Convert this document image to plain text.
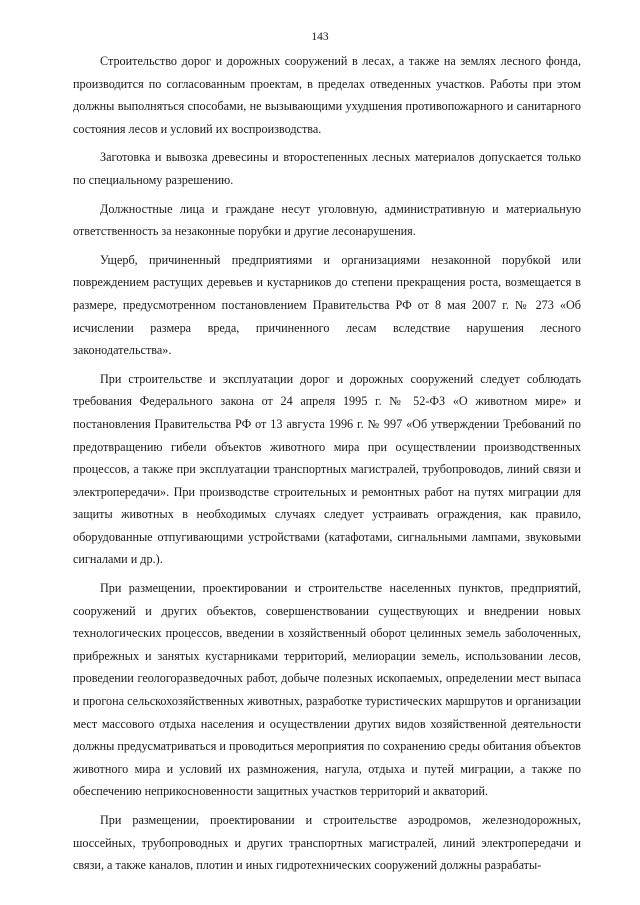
143

Строительство дорог и дорожных сооружений в лесах, а также на землях лесного фонда, производится по согласованным проектам, в пределах отведенных участков. Работы при этом должны выполняться способами, не вызывающими ухудшения противопожарного и санитарного состояния лесов и условий их воспроизводства.

Заготовка и вывозка древесины и второстепенных лесных материалов допускается только по специальному разрешению.

Должностные лица и граждане несут уголовную, административную и материальную ответственность за незаконные порубки и другие лесонарушения.

Ущерб, причиненный предприятиями и организациями незаконной порубкой или повреждением растущих деревьев и кустарников до степени прекращения роста, возмещается в размере, предусмотренном постановлением Правительства РФ от 8 мая 2007 г. № 273 «Об исчислении размера вреда, причиненного лесам вследствие нарушения лесного законодательства».

При строительстве и эксплуатации дорог и дорожных сооружений следует соблюдать требования Федерального закона от 24 апреля 1995 г. № 52-ФЗ «О животном мире» и постановления Правительства РФ от 13 августа 1996 г. № 997 «Об утверждении Требований по предотвращению гибели объектов животного мира при осуществлении производственных процессов, а также при эксплуатации транспортных магистралей, трубопроводов, линий связи и электропередачи». При производстве строительных и ремонтных работ на путях миграции для защиты животных в необходимых случаях следует устраивать ограждения, как правило, оборудованные отпугивающими устройствами (катафотами, сигнальными лампами, звуковыми сигналами и др.).

При размещении, проектировании и строительстве населенных пунктов, предприятий, сооружений и других объектов, совершенствовании существующих и внедрении новых технологических процессов, введении в хозяйственный оборот целинных земель заболоченных, прибрежных и занятых кустарниками территорий, мелиорации земель, использовании лесов, проведении геологоразведочных работ, добыче полезных ископаемых, определении мест выпаса и прогона сельскохозяйственных животных, разработке туристических маршрутов и организации мест массового отдыха населения и осуществлении других видов хозяйственной деятельности должны предусматриваться и проводиться мероприятия по сохранению среды обитания объектов животного мира и условий их размножения, нагула, отдыха и путей миграции, а также по обеспечению неприкосновенности защитных участков территорий и акваторий.

При размещении, проектировании и строительстве аэродромов, железнодорожных, шоссейных, трубопроводных и других транспортных магистралей, линий электропередачи и связи, а также каналов, плотин и иных гидротехнических сооружений должны разрабаты-
